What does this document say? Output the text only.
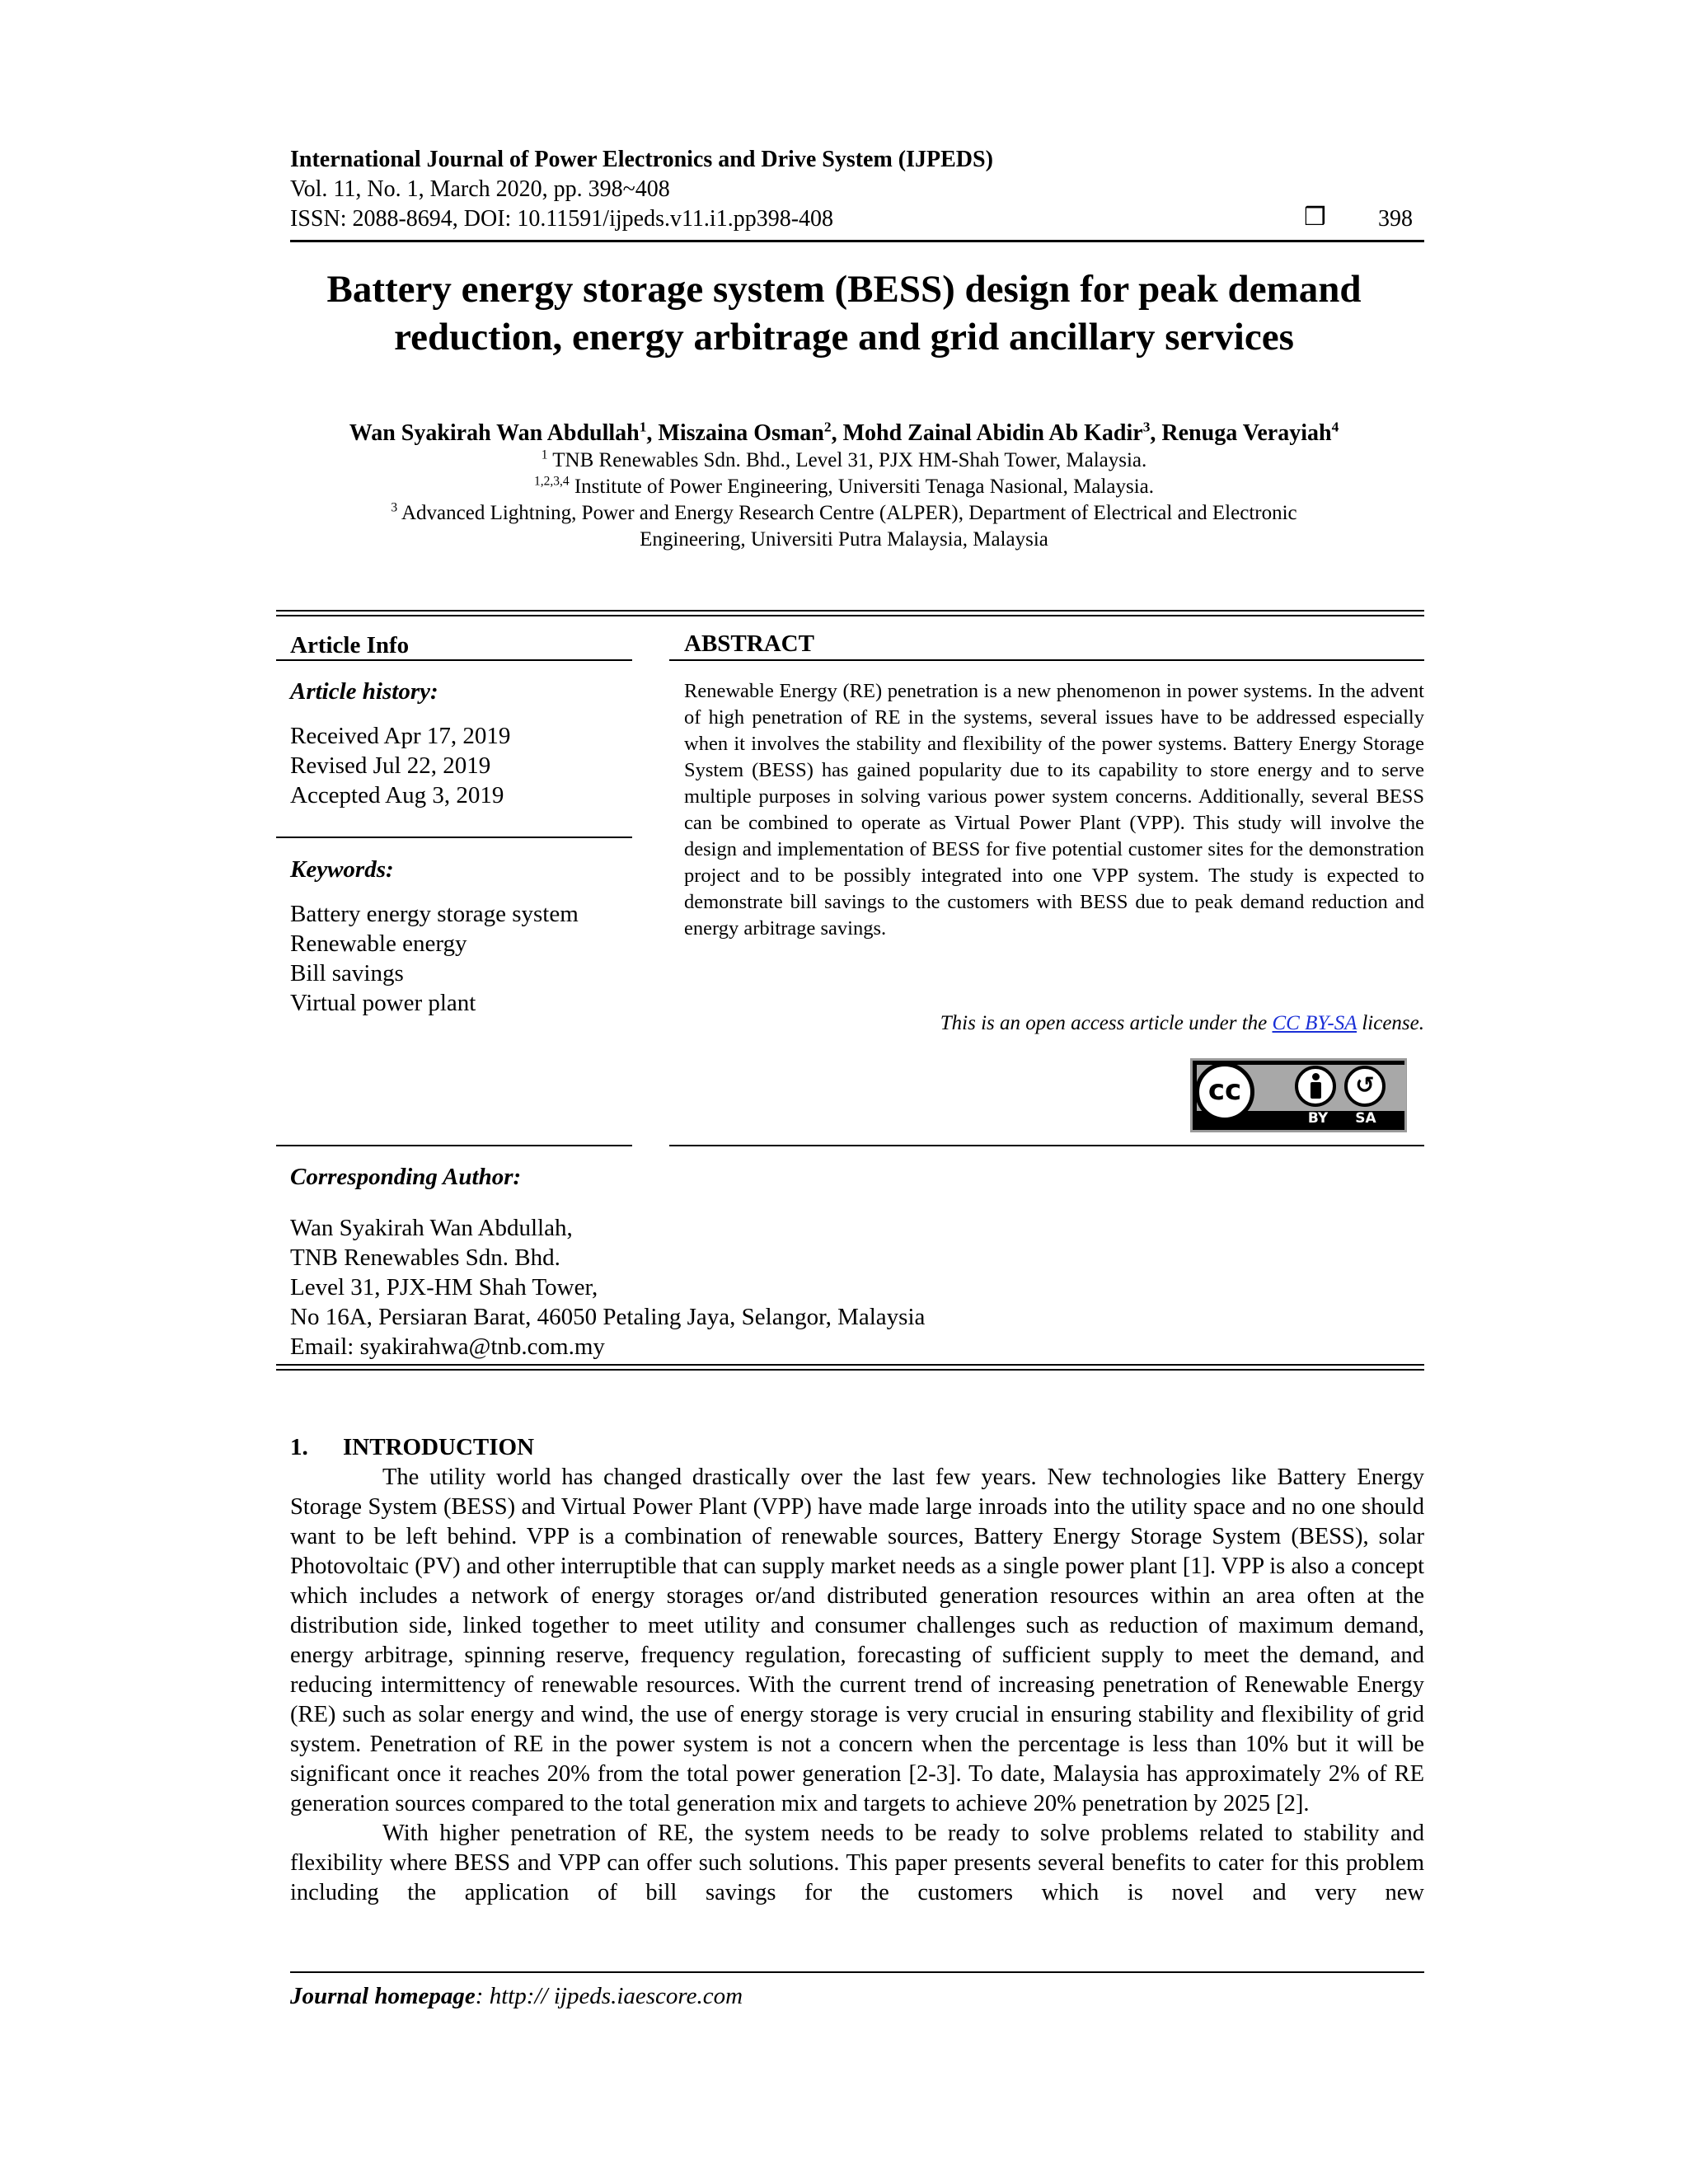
International Journal of Power Electronics and Drive System (IJPEDS)
Vol. 11, No. 1, March 2020, pp. 398~408
ISSN: 2088-8694, DOI: 10.11591/ijpeds.v11.i1.pp398-408	❒ 398
Battery energy storage system (BESS) design for peak demand
reduction, energy arbitrage and grid ancillary services
Wan Syakirah Wan Abdullah$^1$, Miszaina Osman$^2$, Mohd Zainal Abidin Ab Kadir$^3$, Renuga Verayiah$^4$
$^1$ TNB Renewables Sdn. Bhd., Level 31, PJX HM-Shah Tower, Malaysia.
$^{1,2,3,4}$ Institute of Power Engineering, Universiti Tenaga Nasional, Malaysia.
$^3$ Advanced Lightning, Power and Energy Research Centre (ALPER), Department of Electrical and Electronic
Engineering, Universiti Putra Malaysia, Malaysia
Article Info
Article history:
Received Apr 17, 2019
Revised Jul 22, 2019
Accepted Aug 3, 2019
Keywords:
Battery energy storage system
Renewable energy
Bill savings
Virtual power plant
ABSTRACT
Renewable Energy (RE) penetration is a new phenomenon in power systems. In the advent of high penetration of RE in the systems, several issues have to be addressed especially when it involves the stability and flexibility of the power systems. Battery Energy Storage System (BESS) has gained popularity due to its capability to store energy and to serve multiple purposes in solving various power system concerns. Additionally, several BESS can be combined to operate as Virtual Power Plant (VPP). This study will involve the design and implementation of BESS for five potential customer sites for the demonstration project and to be possibly integrated into one VPP system. The study is expected to demonstrate bill savings to the customers with BESS due to peak demand reduction and energy arbitrage savings.
This is an open access article under the CC BY-SA license.
cc	↺
BY	SA
Corresponding Author:
Wan Syakirah Wan Abdullah,
TNB Renewables Sdn. Bhd.
Level 31, PJX-HM Shah Tower,
No 16A, Persiaran Barat, 46050 Petaling Jaya, Selangor, Malaysia
Email: syakirahwa@tnb.com.my
1. INTRODUCTION

The utility world has changed drastically over the last few years. New technologies like Battery Energy Storage System (BESS) and Virtual Power Plant (VPP) have made large inroads into the utility space and no one should want to be left behind. VPP is a combination of renewable sources, Battery Energy Storage System (BESS), solar Photovoltaic (PV) and other interruptible that can supply market needs as a single power plant [1]. VPP is also a concept which includes a network of energy storages or/and distributed generation resources within an area often at the distribution side, linked together to meet utility and consumer challenges such as reduction of maximum demand, energy arbitrage, spinning reserve, frequency regulation, forecasting of sufficient supply to meet the demand, and reducing intermittency of renewable resources. With the current trend of increasing penetration of Renewable Energy (RE) such as solar energy and wind, the use of energy storage is very crucial in ensuring stability and flexibility of grid system. Penetration of RE in the power system is not a concern when the percentage is less than 10% but it will be significant once it reaches 20% from the total power generation [2-3]. To date, Malaysia has approximately 2% of RE generation sources compared to the total generation mix and targets to achieve 20% penetration by 2025 [2].

With higher penetration of RE, the system needs to be ready to solve problems related to stability and flexibility where BESS and VPP can offer such solutions. This paper presents several benefits to cater for this problem including the application of bill savings for the customers which is novel and very new

Journal homepage: http:// ijpeds.iaescore.com
